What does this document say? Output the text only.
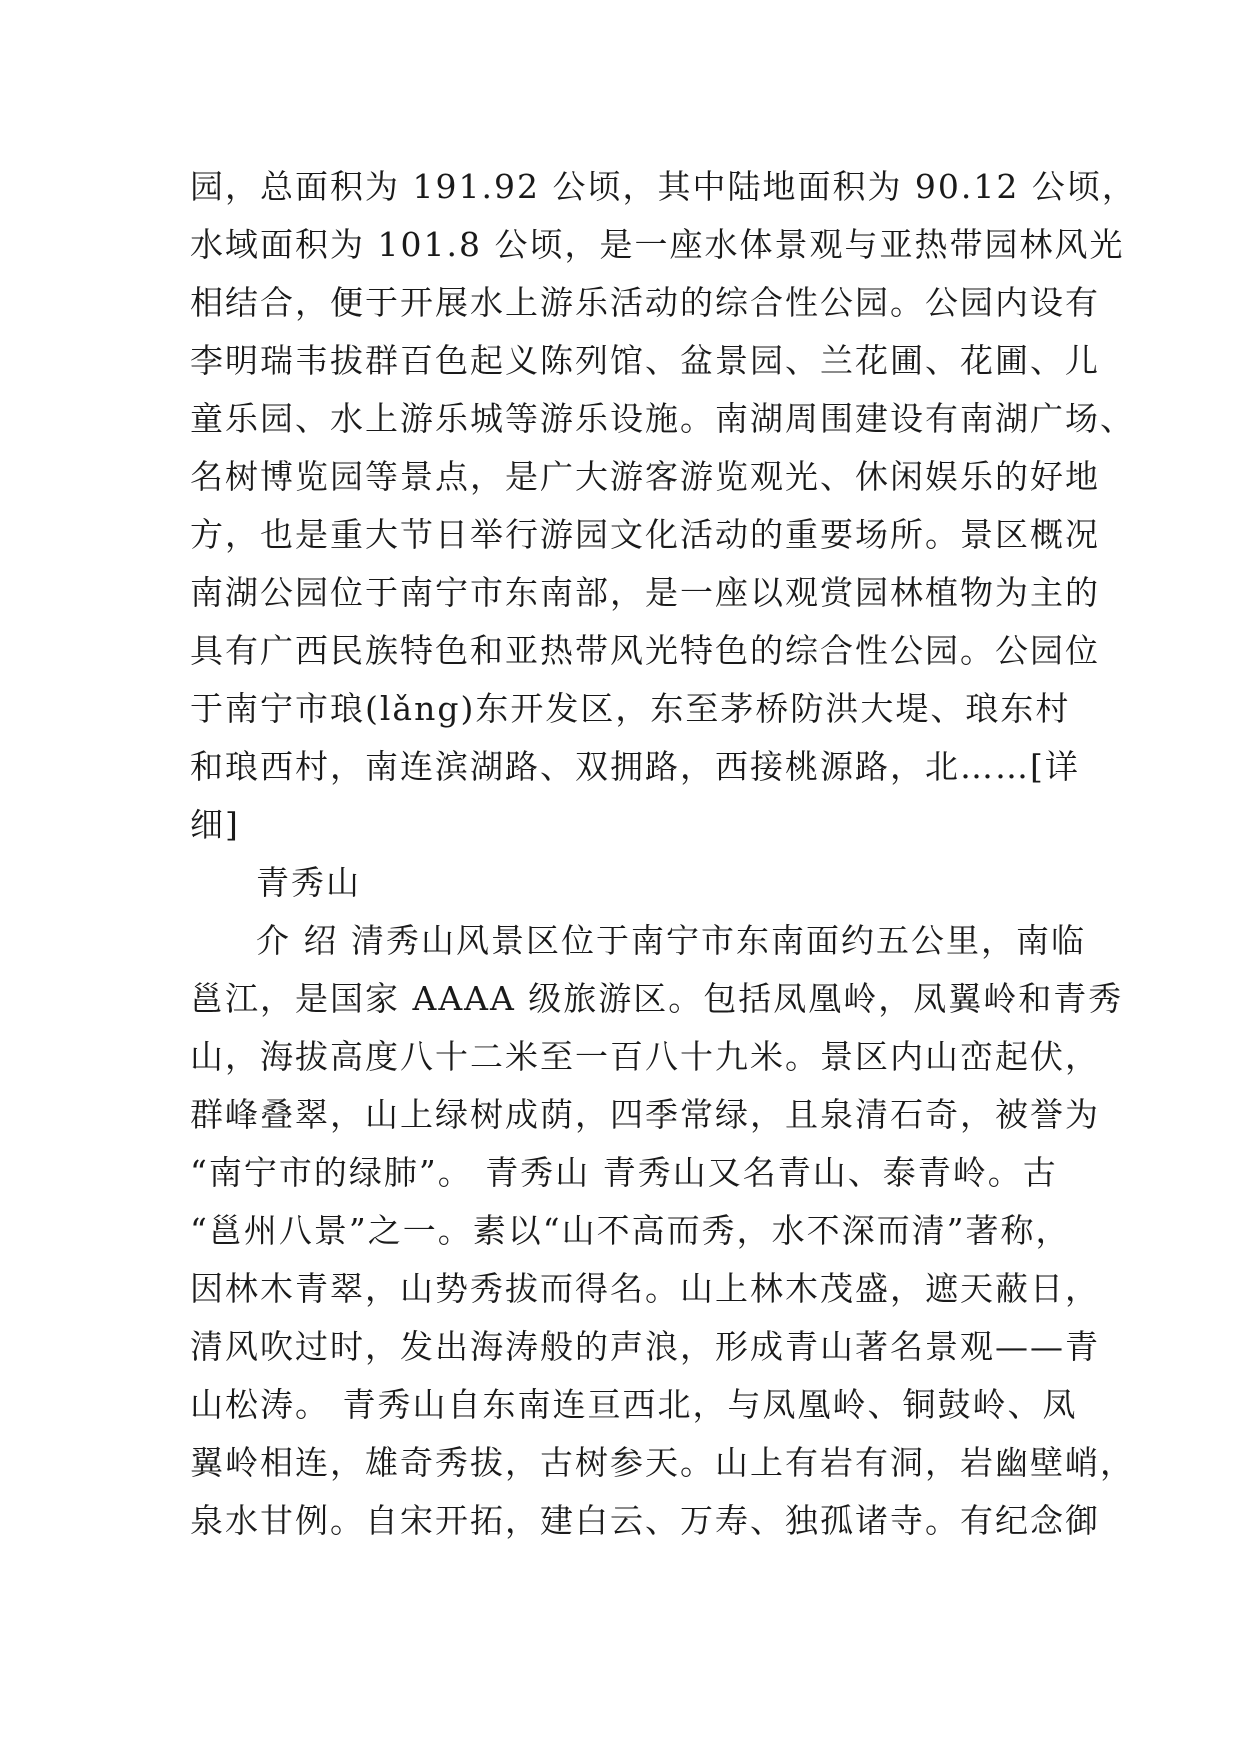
园，总面积为 191.92 公顷，其中陆地面积为 90.12 公顷，
水域面积为 101.8 公顷，是一座水体景观与亚热带园林风光
相结合，便于开展水上游乐活动的综合性公园。公园内设有
李明瑞韦拔群百色起义陈列馆、盆景园、兰花圃、花圃、儿
童乐园、水上游乐城等游乐设施。南湖周围建设有南湖广场、
名树博览园等景点，是广大游客游览观光、休闲娱乐的好地
方，也是重大节日举行游园文化活动的重要场所。景区概况
南湖公园位于南宁市东南部，是一座以观赏园林植物为主的
具有广西民族特色和亚热带风光特色的综合性公园。公园位
于南宁市琅(lǎng)东开发区，东至茅桥防洪大堤、琅东村
和琅西村，南连滨湖路、双拥路，西接桃源路，北……[详
细]
青秀山
介 绍 清秀山风景区位于南宁市东南面约五公里，南临
邕江，是国家 AAAA 级旅游区。包括凤凰岭，凤翼岭和青秀
山，海拔高度八十二米至一百八十九米。景区内山峦起伏，
群峰叠翠，山上绿树成荫，四季常绿，且泉清石奇，被誉为
“南宁市的绿肺”。 青秀山 青秀山又名青山、泰青岭。古
“邕州八景”之一。素以“山不高而秀，水不深而清”著称，
因林木青翠，山势秀拔而得名。山上林木茂盛，遮天蔽日，
清风吹过时，发出海涛般的声浪，形成青山著名景观——青
山松涛。 青秀山自东南连亘西北，与凤凰岭、铜鼓岭、凤
翼岭相连，雄奇秀拔，古树参天。山上有岩有洞，岩幽壁峭，
泉水甘例。自宋开拓，建白云、万寿、独孤诸寺。有纪念御
